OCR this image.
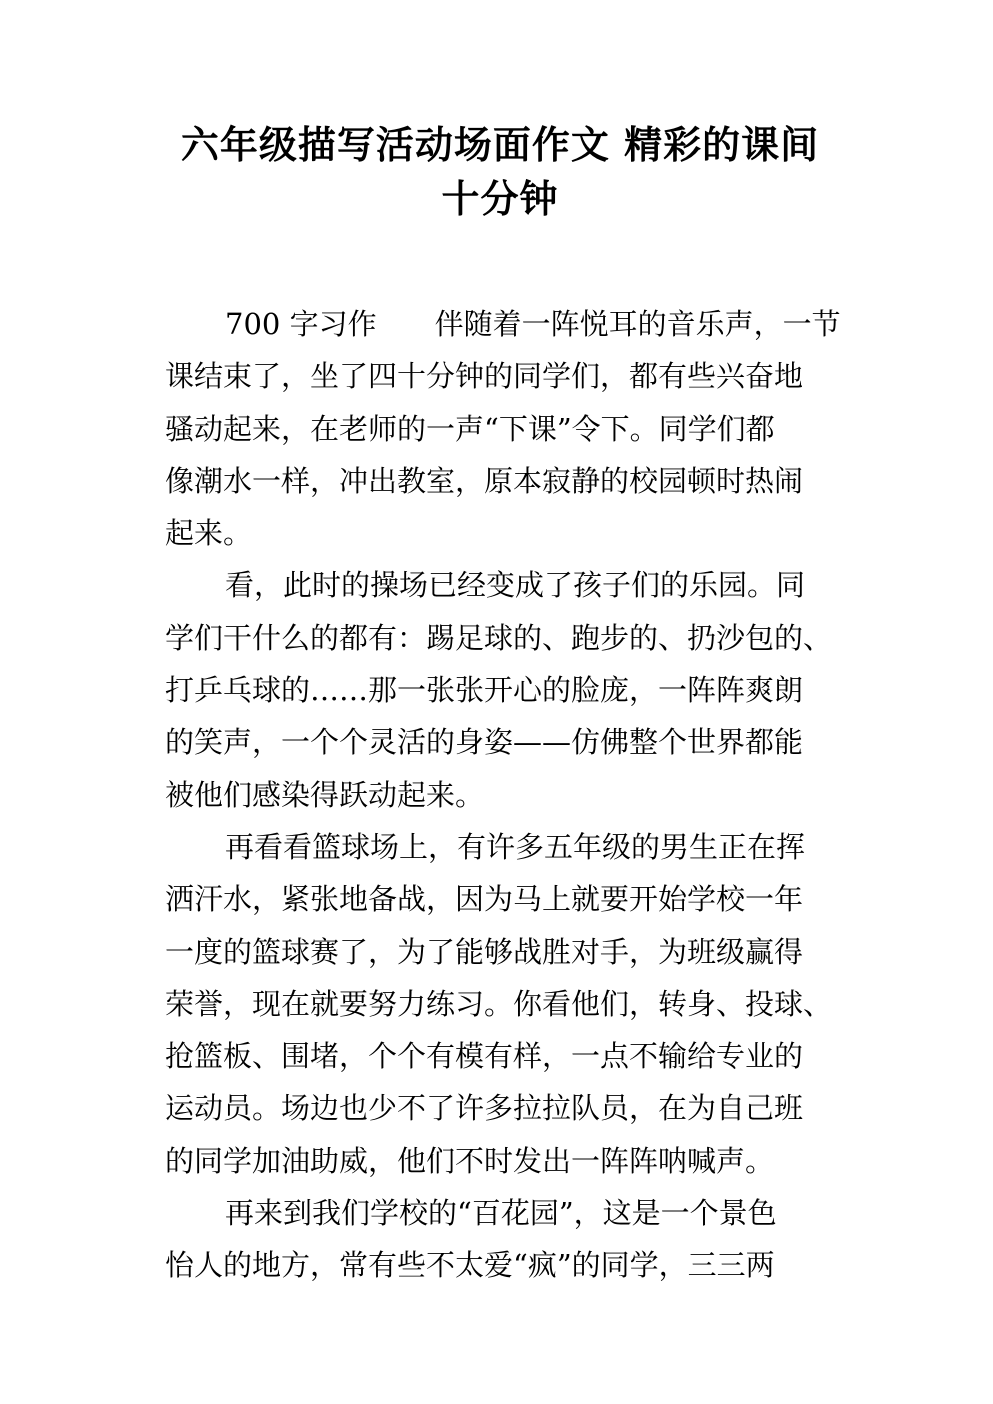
六年级描写活动场面作文 精彩的课间
十分钟
700 字习作　　伴随着一阵悦耳的音乐声，一节
课结束了，坐了四十分钟的同学们，都有些兴奋地
骚动起来，在老师的一声“下课”令下。同学们都
像潮水一样，冲出教室，原本寂静的校园顿时热闹
起来。
看，此时的操场已经变成了孩子们的乐园。同
学们干什么的都有：踢足球的、跑步的、扔沙包的、
打乒乓球的……那一张张开心的脸庞，一阵阵爽朗
的笑声，一个个灵活的身姿——仿佛整个世界都能
被他们感染得跃动起来。
再看看篮球场上，有许多五年级的男生正在挥
洒汗水，紧张地备战，因为马上就要开始学校一年
一度的篮球赛了，为了能够战胜对手，为班级赢得
荣誉，现在就要努力练习。你看他们，转身、投球、
抢篮板、围堵，个个有模有样，一点不输给专业的
运动员。场边也少不了许多拉拉队员，在为自己班
的同学加油助威，他们不时发出一阵阵呐喊声。
再来到我们学校的“百花园”，这是一个景色
怡人的地方，常有些不太爱“疯”的同学，三三两
